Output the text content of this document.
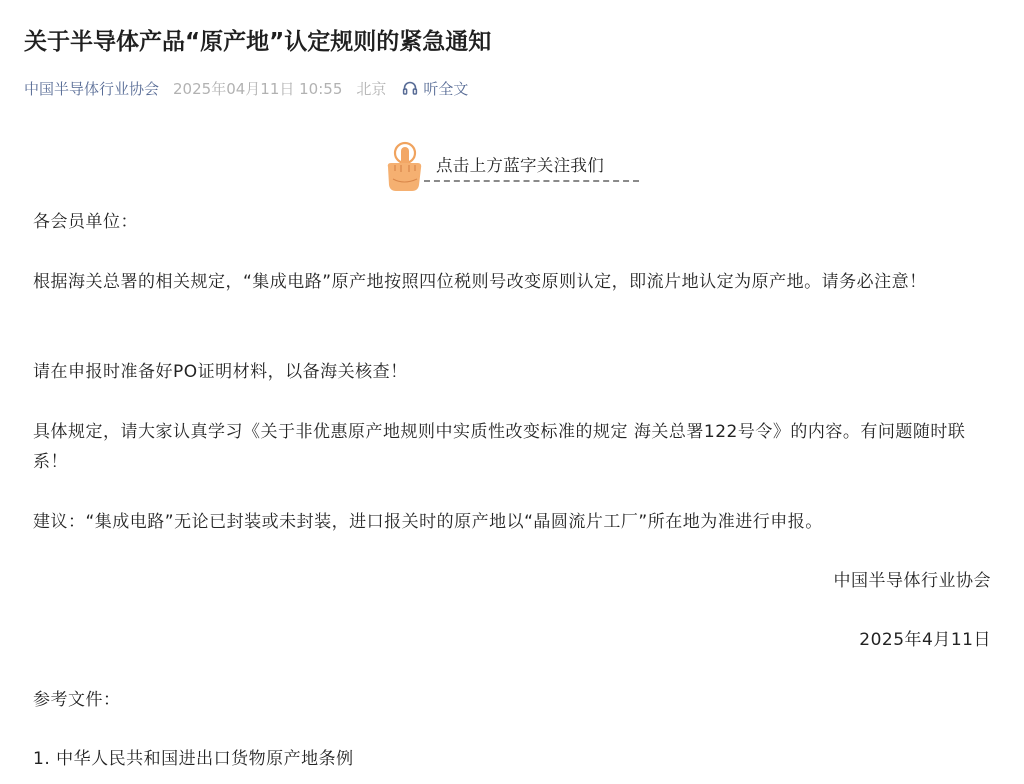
关于半导体产品“原产地”认定规则的紧急通知
中国半导体行业协会 2025年04月11日 10:55 北京 听全文
点击上方蓝字关注我们

各会员单位：

根据海关总署的相关规定，“集成电路”原产地按照四位税则号改变原则认定，即流片地认定为原产地。请务必注意！

请在申报时准备好PO证明材料，以备海关核查！

具体规定，请大家认真学习《关于非优惠原产地规则中实质性改变标准的规定 海关总署122号令》的内容。有问题随时联系！

建议：“集成电路”无论已封装或未封装，进口报关时的原产地以“晶圆流片工厂”所在地为准进行申报。

中国半导体行业协会

2025年4月11日

参考文件：

1. 中华人民共和国进出口货物原产地条例
